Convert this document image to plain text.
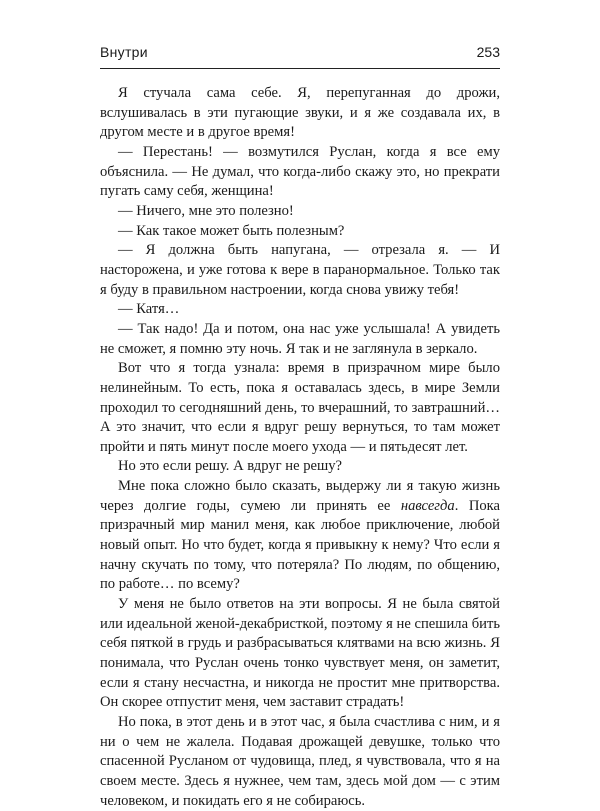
Внутри	253

Я стучала сама себе. Я, перепуганная до дрожи, вслушивалась в эти пугающие звуки, и я же создавала их, в другом месте и в другое время!

— Перестань! — возмутился Руслан, когда я все ему объяснила. — Не думал, что когда-либо скажу это, но прекрати пугать саму себя, женщина!

— Ничего, мне это полезно!

— Как такое может быть полезным?

— Я должна быть напугана, — отрезала я. — И настороженa, и уже готова к вере в паранормальное. Только так я буду в правильном настроении, когда снова увижу тебя!

— Катя…

— Так надо! Да и потом, она нас уже услышала! А увидеть не сможет, я помню эту ночь. Я так и не заглянула в зеркало.

Вот что я тогда узнала: время в призрачном мире было нелинейным. То есть, пока я оставалась здесь, в мире Земли проходил то сегодняшний день, то вчерашний, то завтрашний… А это значит, что если я вдруг решу вернуться, то там может пройти и пять минут после моего ухода — и пятьдесят лет.

Но это если решу. А вдруг не решу?

Мне пока сложно было сказать, выдержу ли я такую жизнь через долгие годы, сумею ли принять ее навсегда. Пока призрачный мир манил меня, как любое приключение, любой новый опыт. Но что будет, когда я привыкну к нему? Что если я начну скучать по тому, что потеряла? По людям, по общению, по работе… по всему?

У меня не было ответов на эти вопросы. Я не была святой или идеальной женой-декабристкой, поэтому я не спешила бить себя пяткой в грудь и разбрасываться клятвами на всю жизнь. Я понимала, что Руслан очень тонко чувствует меня, он заметит, если я стану несчастна, и никогда не простит мне притворства. Он скорее отпустит меня, чем заставит страдать!

Но пока, в этот день и в этот час, я была счастлива с ним, и я ни о чем не жалела. Подавая дрожащей девушке, только что спасенной Русланом от чудовища, плед, я чувствовала, что я на своем месте. Здесь я нужнее, чем там, здесь мой дом — с этим человеком, и покидать его я не собираюсь.
